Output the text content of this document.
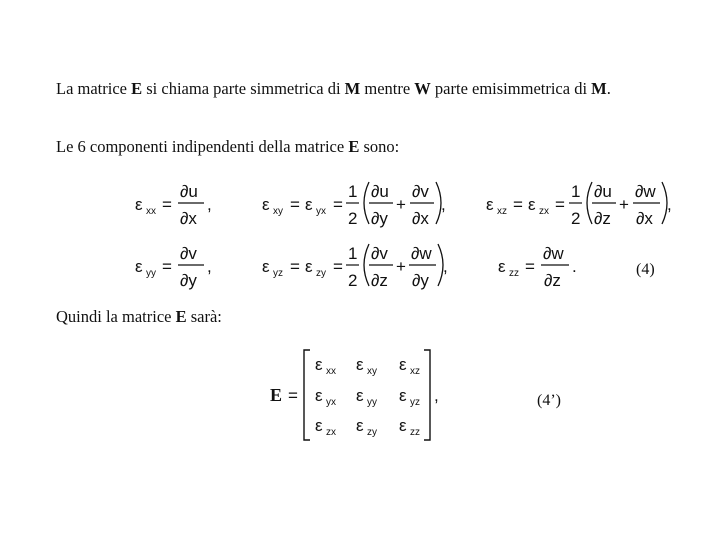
La matrice E si chiama parte simmetrica di M mentre W parte emisimmetrica di M.
Le 6 componenti indipendenti della matrice E sono:
ε xx =
∂u
∂x
,	ε xy = ε yx =
1
2
∂u
∂y
+
∂v
∂x
, ε xz = ε zx =
1
2
∂u
∂z
+
∂w
∂x
,
ε yy =
∂v
∂y
,	ε yz = ε zy =
1
2
∂v
∂z
+
∂w
∂y
,	ε zz =
∂w
∂z
.	(4)
Quindi la matrice E sarà:
E =	,
ε xx ε xy ε xz
ε yx ε yy ε yz
ε zx ε zy ε zz
(4’)
